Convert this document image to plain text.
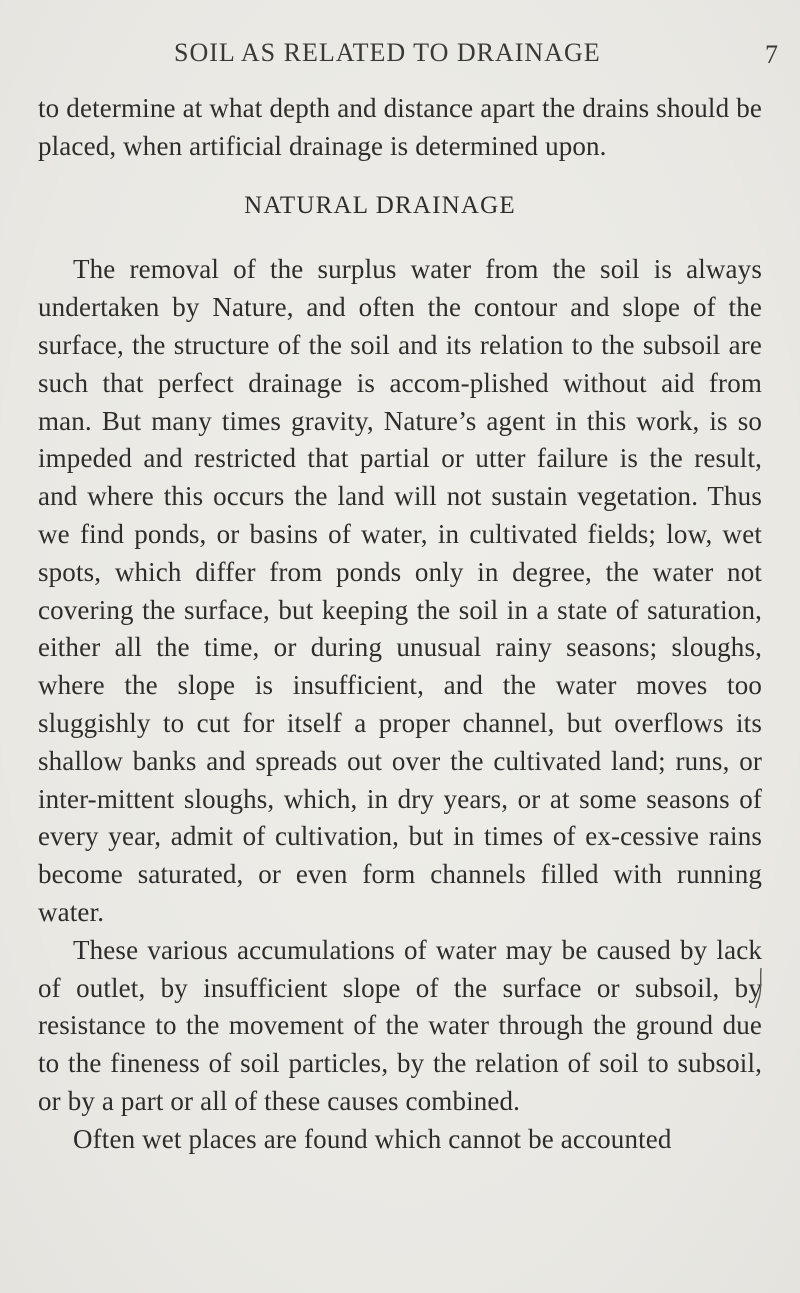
SOIL AS RELATED TO DRAINAGE	7

to determine at what depth and distance apart the drains should be placed, when artificial drainage is determined upon.

NATURAL DRAINAGE

The removal of the surplus water from the soil is always undertaken by Nature, and often the contour and slope of the surface, the structure of the soil and its relation to the subsoil are such that perfect drainage is accom-plished without aid from man. But many times gravity, Nature’s agent in this work, is so impeded and restricted that partial or utter failure is the result, and where this occurs the land will not sustain vegetation. Thus we find ponds, or basins of water, in cultivated fields; low, wet spots, which differ from ponds only in degree, the water not covering the surface, but keeping the soil in a state of saturation, either all the time, or during unusual rainy seasons; sloughs, where the slope is insufficient, and the water moves too sluggishly to cut for itself a proper channel, but overflows its shallow banks and spreads out over the cultivated land; runs, or inter-mittent sloughs, which, in dry years, or at some seasons of every year, admit of cultivation, but in times of ex-cessive rains become saturated, or even form channels filled with running water.

These various accumulations of water may be caused by lack of outlet, by insufficient slope of the surface or subsoil, by resistance to the movement of the water through the ground due to the fineness of soil particles, by the relation of soil to subsoil, or by a part or all of these causes combined.

Often wet places are found which cannot be accounted
